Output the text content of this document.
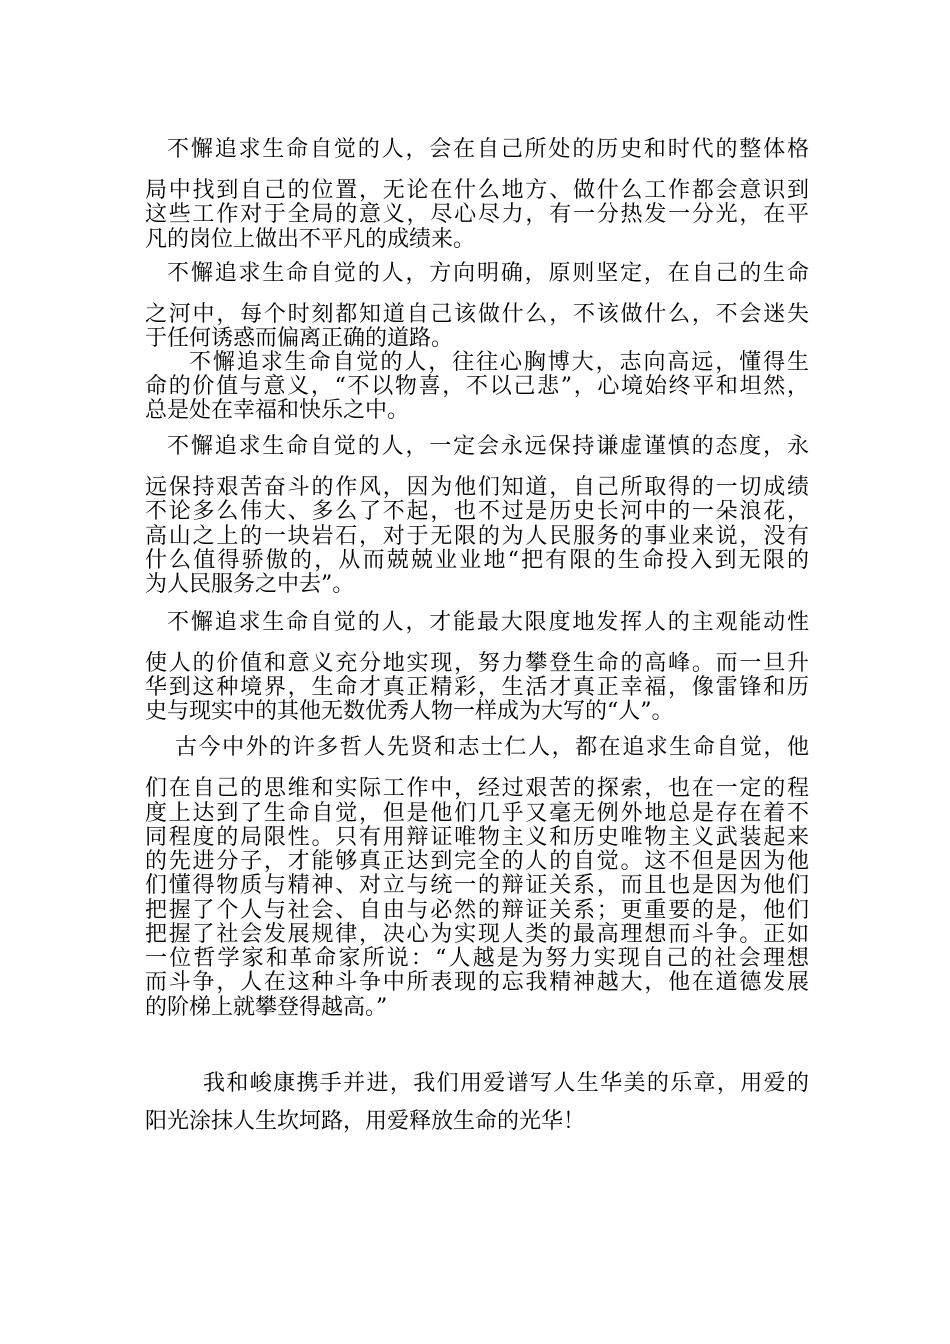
不懈追求生命自觉的人，会在自己所处的历史和时代的整体格
局中找到自己的位置，无论在什么地方、做什么工作都会意识到
这些工作对于全局的意义，尽心尽力，有一分热发一分光，在平
凡的岗位上做出不平凡的成绩来。
不懈追求生命自觉的人，方向明确，原则坚定，在自己的生命
之河中，每个时刻都知道自己该做什么，不该做什么，不会迷失
于任何诱惑而偏离正确的道路。
不懈追求生命自觉的人，往往心胸博大，志向高远，懂得生
命的价值与意义，“不以物喜，不以己悲”，心境始终平和坦然，
总是处在幸福和快乐之中。
不懈追求生命自觉的人，一定会永远保持谦虚谨慎的态度，永
远保持艰苦奋斗的作风，因为他们知道，自己所取得的一切成绩
不论多么伟大、多么了不起，也不过是历史长河中的一朵浪花，
高山之上的一块岩石，对于无限的为人民服务的事业来说，没有
什么值得骄傲的，从而兢兢业业地“把有限的生命投入到无限的
为人民服务之中去”。
不懈追求生命自觉的人，才能最大限度地发挥人的主观能动性
使人的价值和意义充分地实现，努力攀登生命的高峰。而一旦升
华到这种境界，生命才真正精彩，生活才真正幸福，像雷锋和历
史与现实中的其他无数优秀人物一样成为大写的“人”。
古今中外的许多哲人先贤和志士仁人，都在追求生命自觉，他
们在自己的思维和实际工作中，经过艰苦的探索，也在一定的程
度上达到了生命自觉，但是他们几乎又毫无例外地总是存在着不
同程度的局限性。只有用辩证唯物主义和历史唯物主义武装起来
的先进分子，才能够真正达到完全的人的自觉。这不但是因为他
们懂得物质与精神、对立与统一的辩证关系，而且也是因为他们
把握了个人与社会、自由与必然的辩证关系；更重要的是，他们
把握了社会发展规律，决心为实现人类的最高理想而斗争。正如
一位哲学家和革命家所说：“人越是为努力实现自己的社会理想
而斗争，人在这种斗争中所表现的忘我精神越大，他在道德发展
的阶梯上就攀登得越高。”
我和峻康携手并进，我们用爱谱写人生华美的乐章，用爱的
阳光涂抹人生坎坷路，用爱释放生命的光华！
